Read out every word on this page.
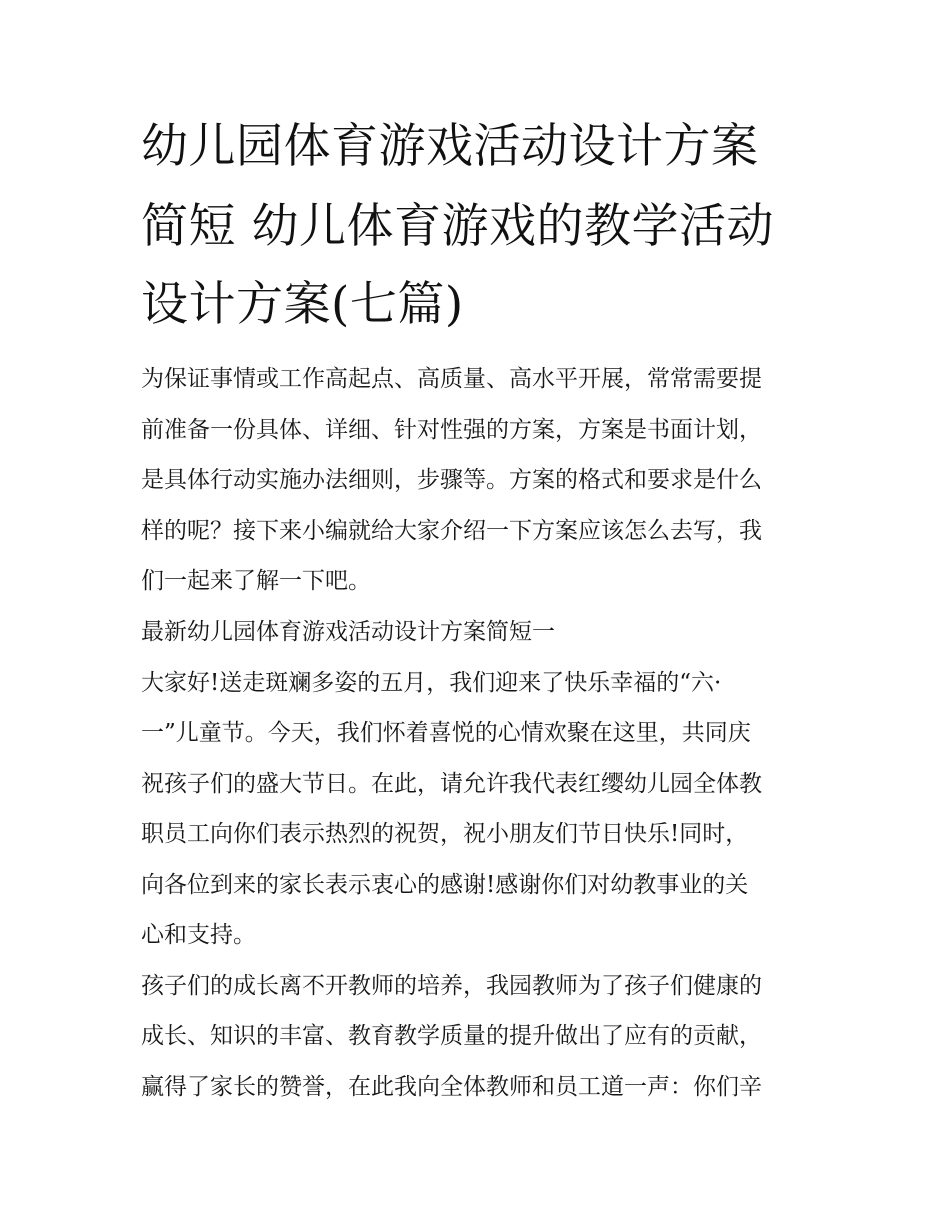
幼儿园体育游戏活动设计方案
简短 幼儿体育游戏的教学活动
设计方案(七篇)
为保证事情或工作高起点、高质量、高水平开展，常常需要提
前准备一份具体、详细、针对性强的方案，方案是书面计划，
是具体行动实施办法细则，步骤等。方案的格式和要求是什么
样的呢？接下来小编就给大家介绍一下方案应该怎么去写，我
们一起来了解一下吧。
最新幼儿园体育游戏活动设计方案简短一
大家好!送走斑斓多姿的五月，我们迎来了快乐幸福的“六·
一”儿童节。今天，我们怀着喜悦的心情欢聚在这里，共同庆
祝孩子们的盛大节日。在此，请允许我代表红缨幼儿园全体教
职员工向你们表示热烈的祝贺，祝小朋友们节日快乐!同时，
向各位到来的家长表示衷心的感谢!感谢你们对幼教事业的关
心和支持。
孩子们的成长离不开教师的培养，我园教师为了孩子们健康的
成长、知识的丰富、教育教学质量的提升做出了应有的贡献，
赢得了家长的赞誉，在此我向全体教师和员工道一声：你们辛
